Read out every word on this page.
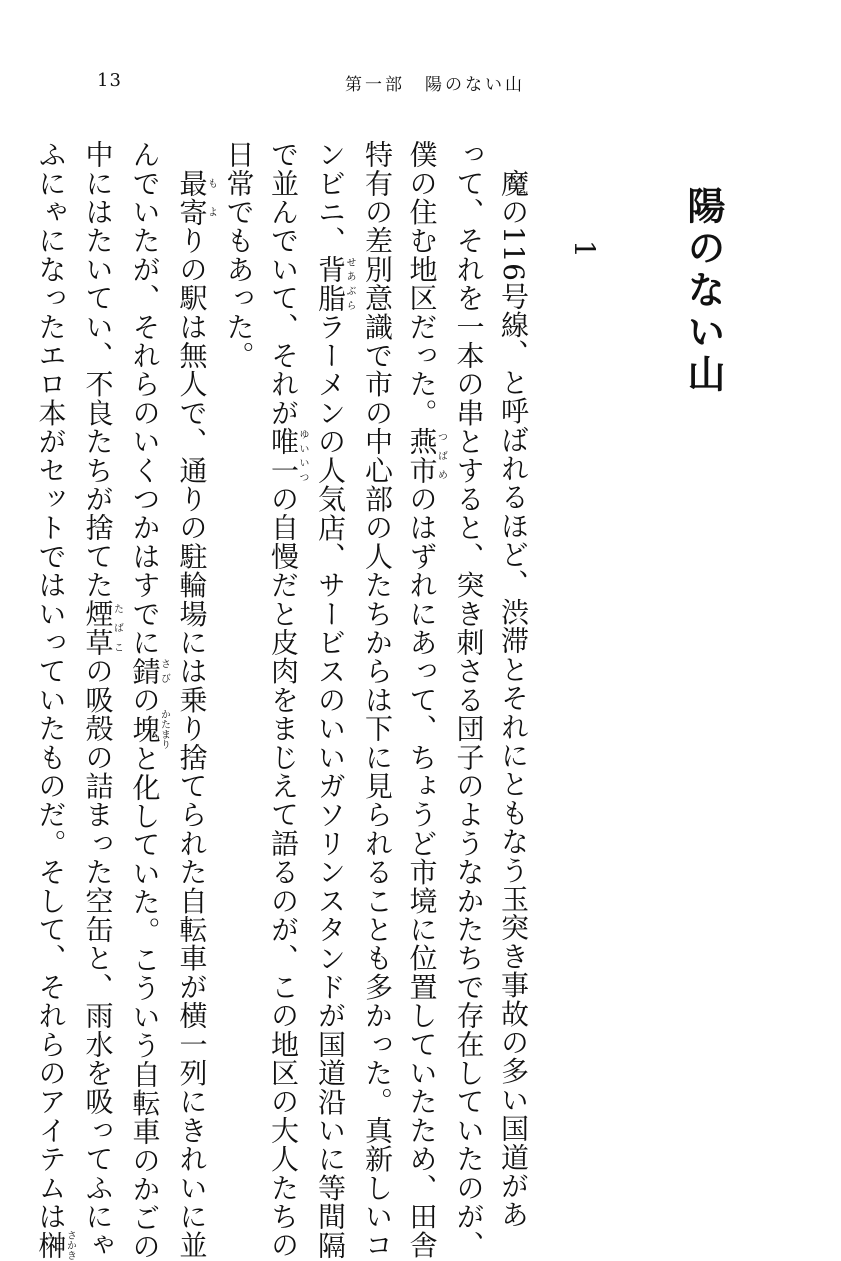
13	第一部　陽のない山
陽のない山
1
　魔の116号線、と呼ばれるほど、渋滞とそれにともなう玉突き事故の多い国道があ
って、それを一本の串とすると、突き刺さる団子のようなかたちで存在していたのが、
僕の住む地区だった。燕市つばめのはずれにあって、ちょうど市境に位置していたため、田舎
特有の差別意識で市の中心部の人たちからは下に見られることも多かった。真新しいコ
ンビニ、背脂せあぶらラーメンの人気店、サービスのいいガソリンスタンドが国道沿いに等間隔
で並んでいて、それが唯一ゆいいつの自慢だと皮肉をまじえて語るのが、この地区の大人たちの
日常でもあった。
　最寄もよりの駅は無人で、通りの駐輪場には乗り捨てられた自転車が横一列にきれいに並
んでいたが、それらのいくつかはすでに錆さびの塊かたまりと化していた。こういう自転車のかごの
中にはたいてい、不良たちが捨てた煙草たばこの吸殻の詰まった空缶と、雨水を吸ってふにゃ
ふにゃになったエロ本がセットではいっていたものだ。そして、それらのアイテムは榊さかき
